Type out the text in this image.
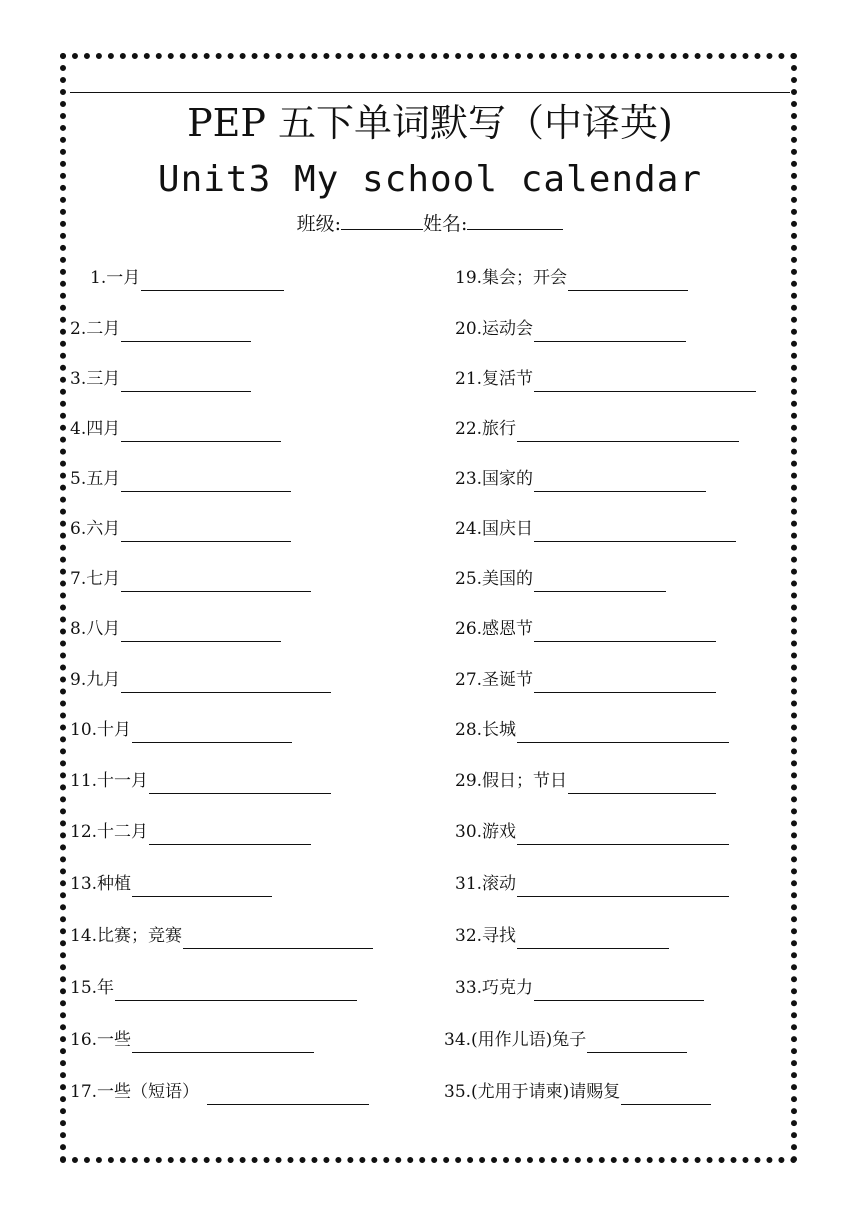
PEP 五下单词默写（中译英)
Unit3 My school calendar
班级:	姓名:
1.一月
2.二月
3.三月
4.四月
5.五月
6.六月
7.七月
8.八月
9.九月
10.十月
11.十一月
12.十二月
13.种植
14.比赛；竞赛
15.年
16.一些
17.一些（短语）
19.集会；开会
20.运动会
21.复活节
22.旅行
23.国家的
24.国庆日
25.美国的
26.感恩节
27.圣诞节
28.长城
29.假日；节日
30.游戏
31.滚动
32.寻找
33.巧克力
34.(用作儿语)兔子
35.(尤用于请柬)请赐复
